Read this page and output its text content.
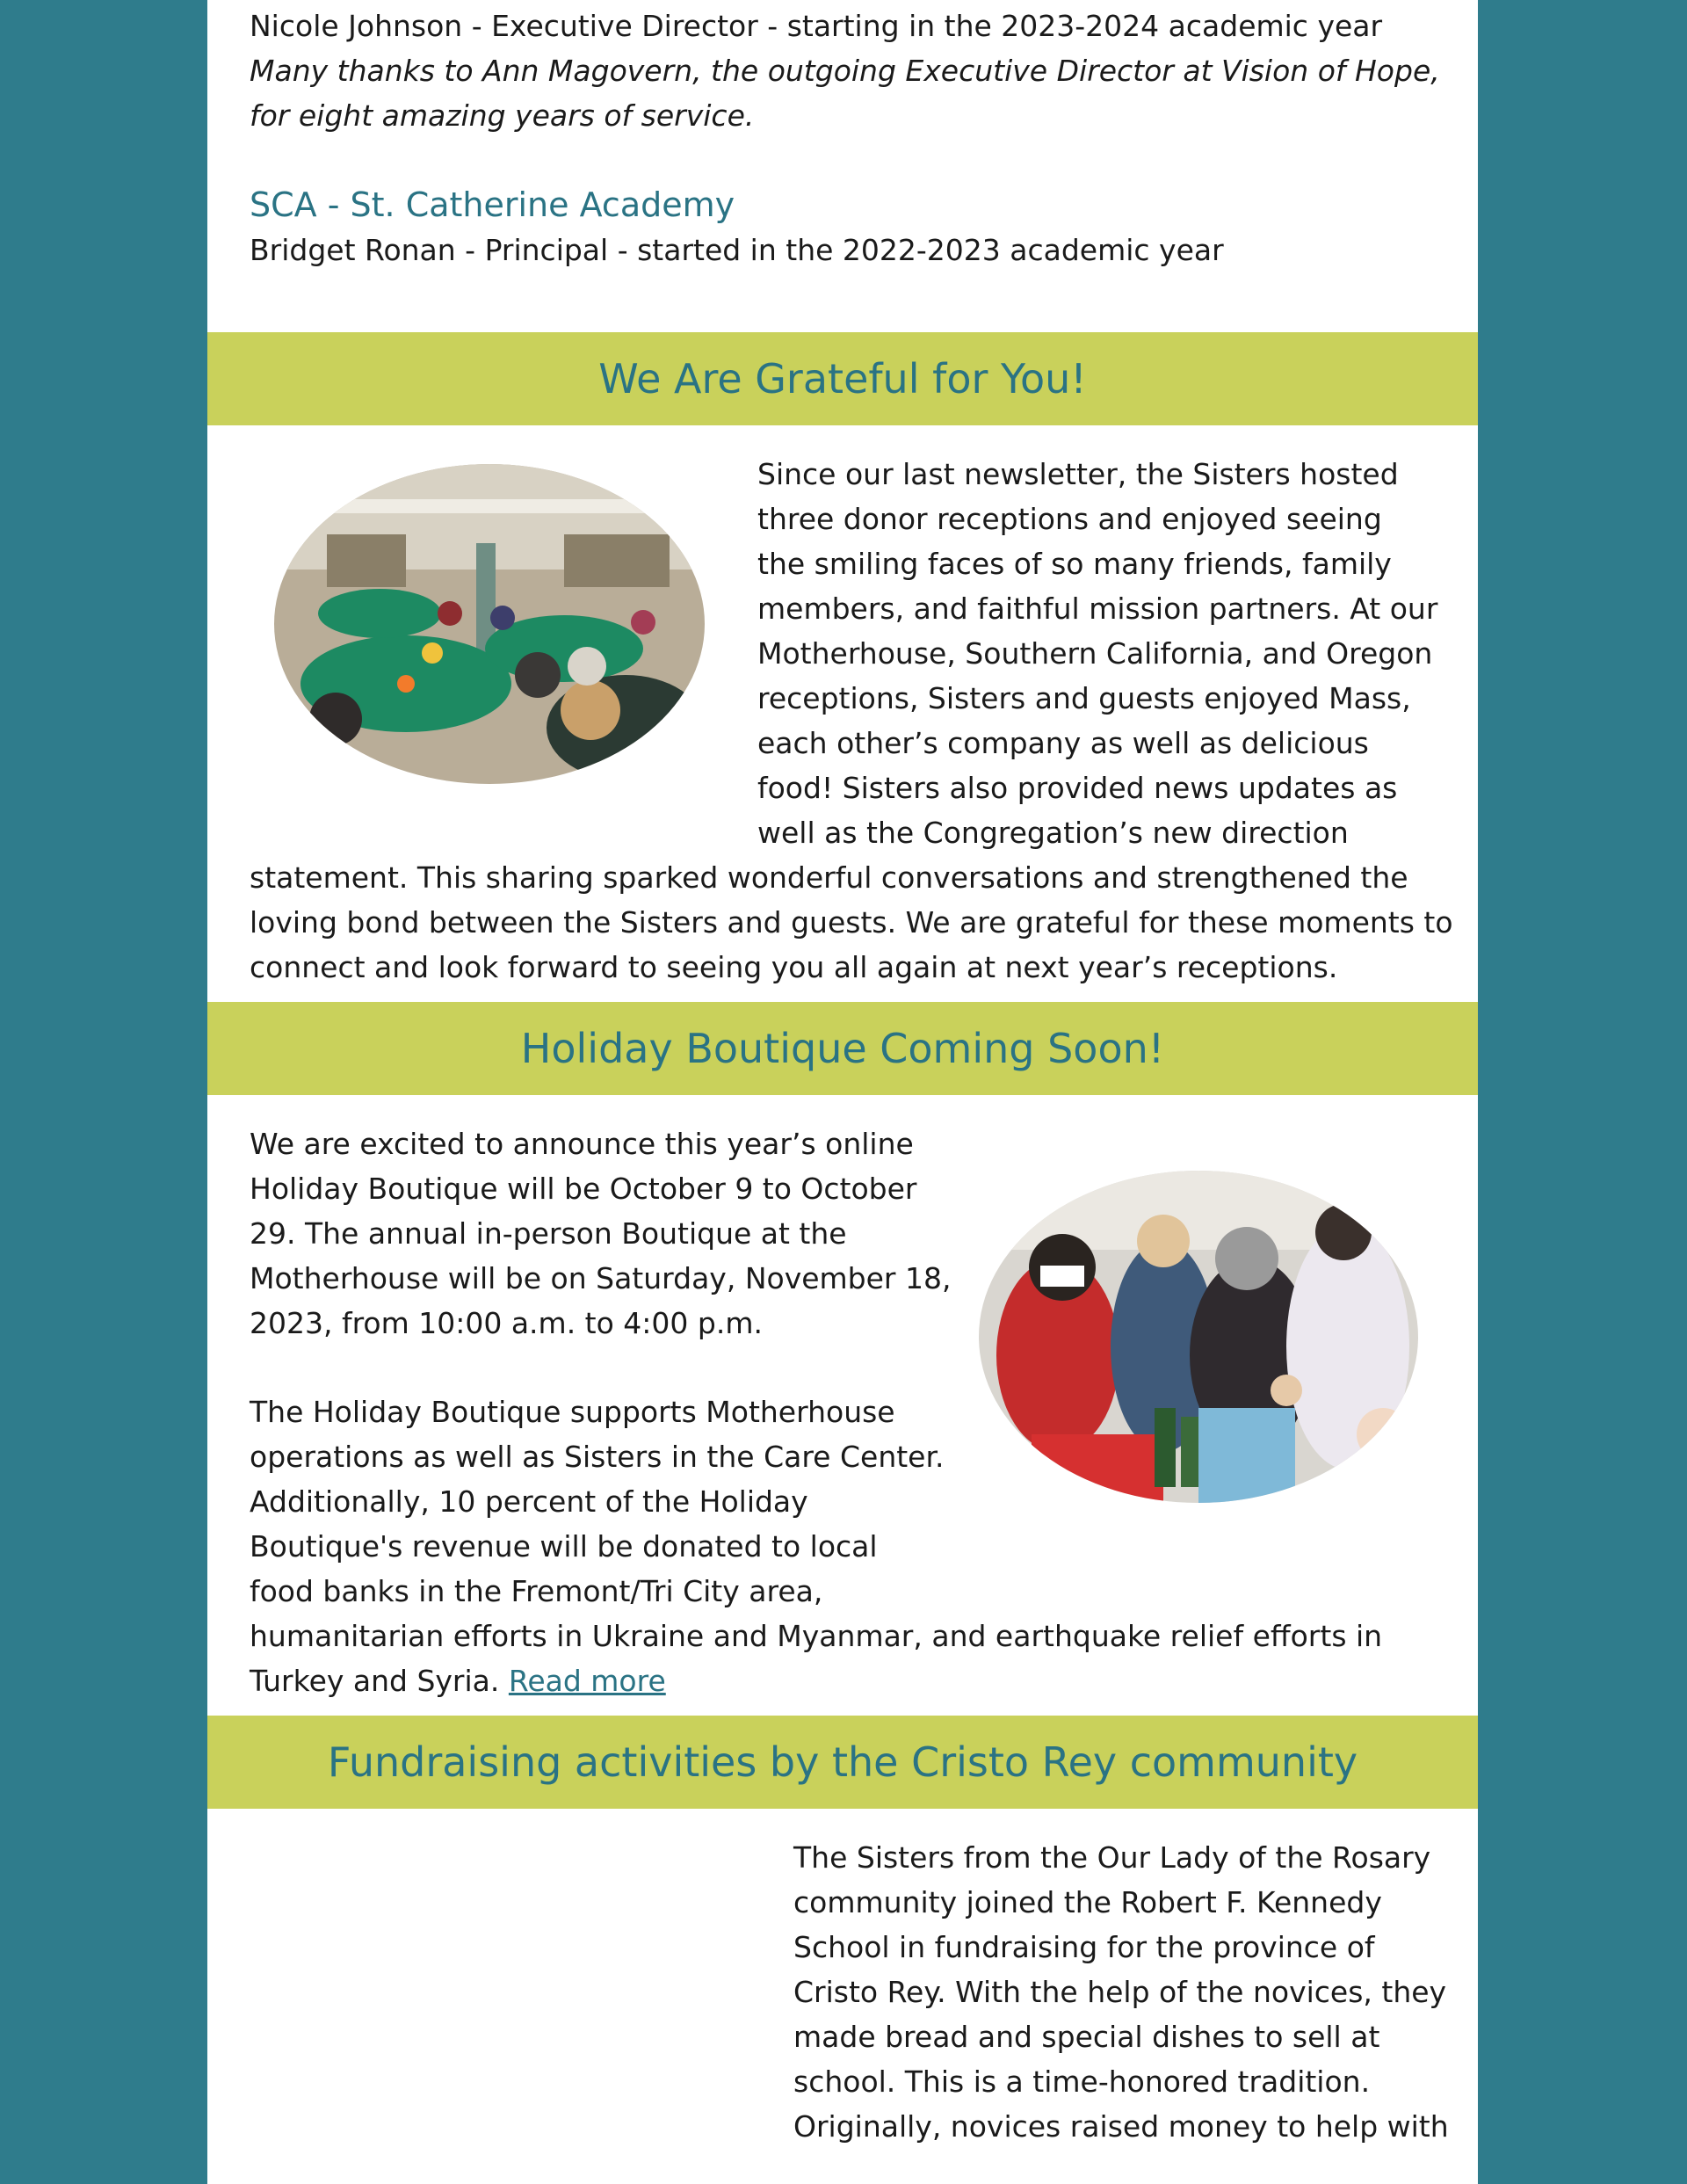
Nicole Johnson - Executive Director - starting in the 2023-2024 academic year

Many thanks to Ann Magovern, the outgoing Executive Director at Vision of Hope,

for eight amazing years of service.

SCA - St. Catherine Academy

Bridget Ronan - Principal - started in the 2022-2023 academic year

We Are Grateful for You!

Since our last newsletter, the Sisters hosted

three donor receptions and enjoyed seeing

the smiling faces of so many friends, family

members, and faithful mission partners. At our

Motherhouse, Southern California, and Oregon

receptions, Sisters and guests enjoyed Mass,

each other’s company as well as delicious

food! Sisters also provided news updates as

well as the Congregation’s new direction

statement. This sharing sparked wonderful conversations and strengthened the

loving bond between the Sisters and guests. We are grateful for these moments to

connect and look forward to seeing you all again at next year’s receptions.

Holiday Boutique Coming Soon!

We are excited to announce this year’s online

Holiday Boutique will be October 9 to October

29. The annual in-person Boutique at the

Motherhouse will be on Saturday, November 18,

2023, from 10:00 a.m. to 4:00 p.m.

The Holiday Boutique supports Motherhouse

operations as well as Sisters in the Care Center.

Additionally, 10 percent of the Holiday

Boutique's revenue will be donated to local

food banks in the Fremont/Tri City area,

humanitarian efforts in Ukraine and Myanmar, and earthquake relief efforts in

Turkey and Syria. Read more

Fundraising activities by the Cristo Rey community

The Sisters from the Our Lady of the Rosary

community joined the Robert F. Kennedy

School in fundraising for the province of

Cristo Rey. With the help of the novices, they

made bread and special dishes to sell at

school. This is a time-honored tradition.

Originally, novices raised money to help with
